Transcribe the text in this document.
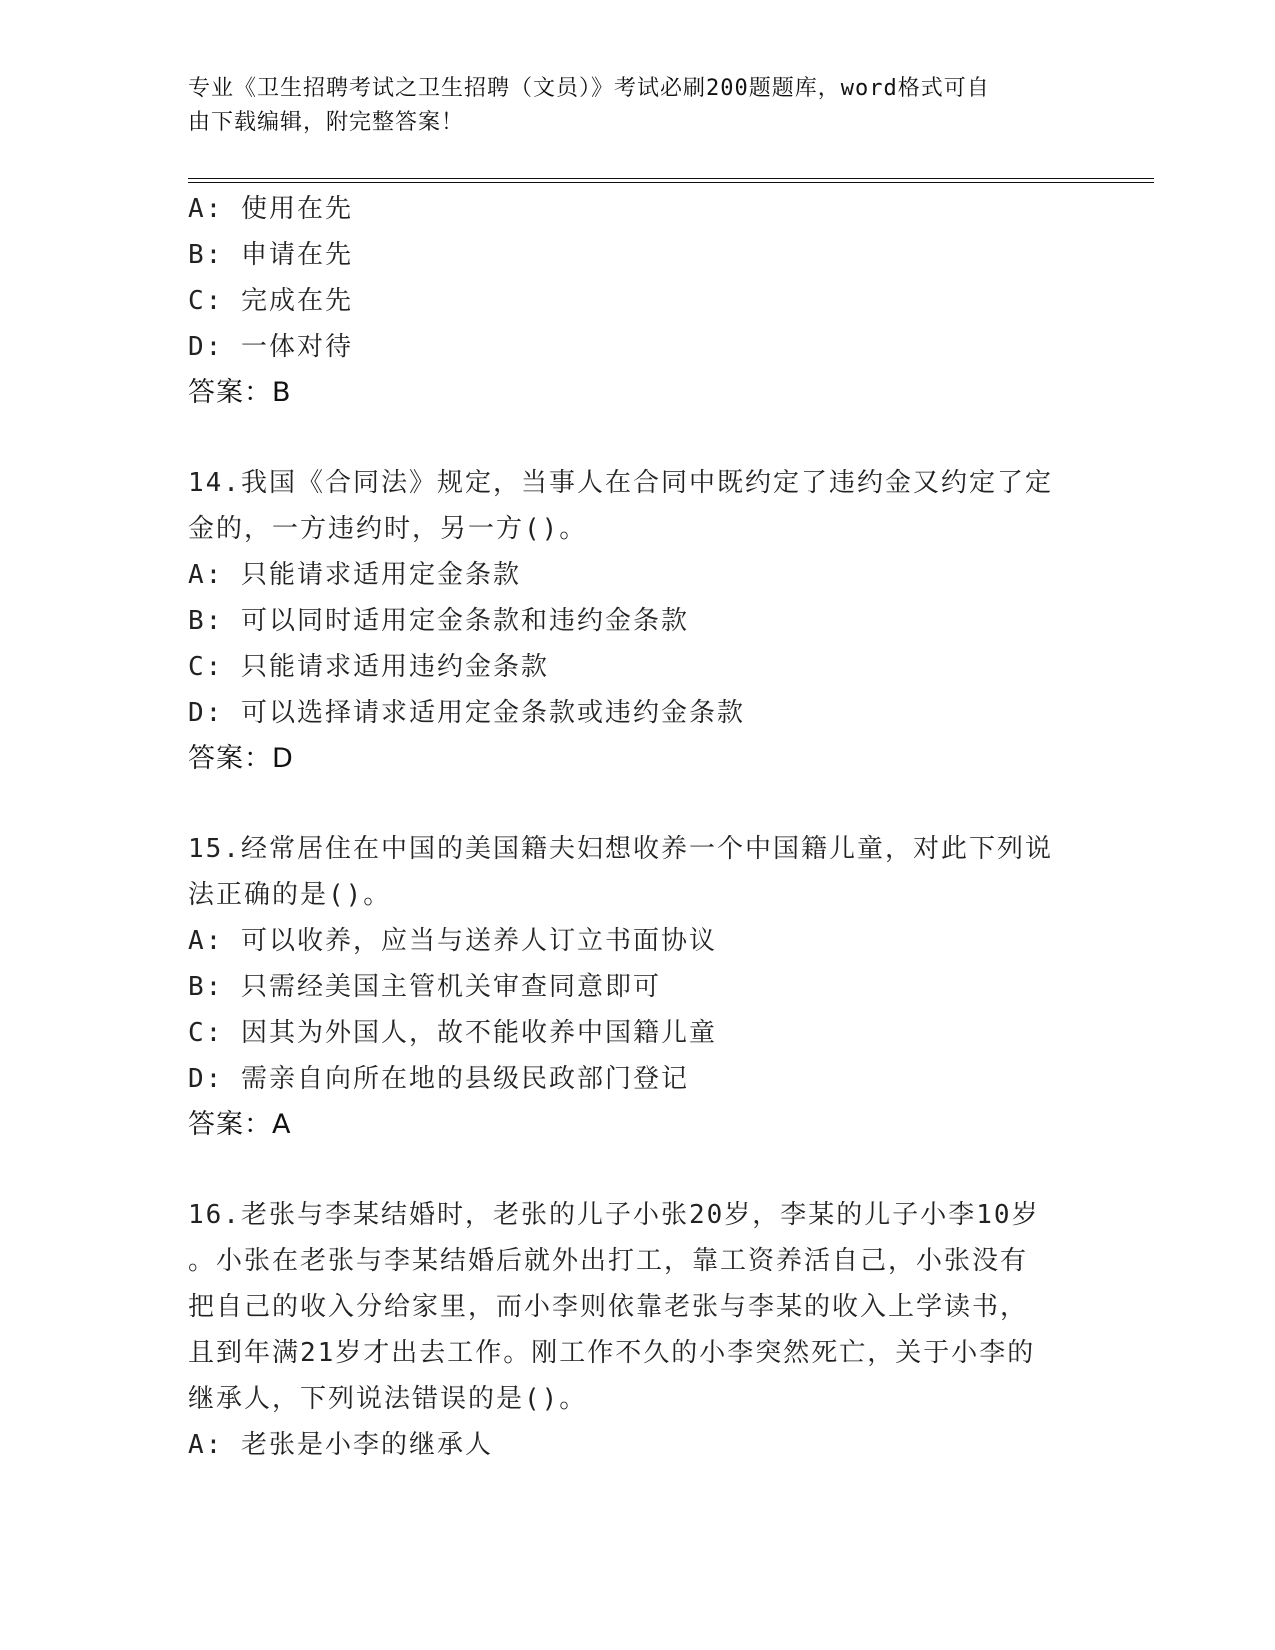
专业《卫生招聘考试之卫生招聘（文员）》考试必刷200题题库，word格式可自
由下载编辑，附完整答案！
A: 使用在先
B: 申请在先
C: 完成在先
D: 一体对待
答案：B
14.我国《合同法》规定，当事人在合同中既约定了违约金又约定了定
金的，一方违约时，另一方()。
A: 只能请求适用定金条款
B: 可以同时适用定金条款和违约金条款
C: 只能请求适用违约金条款
D: 可以选择请求适用定金条款或违约金条款
答案：D
15.经常居住在中国的美国籍夫妇想收养一个中国籍儿童，对此下列说
法正确的是()。
A: 可以收养，应当与送养人订立书面协议
B: 只需经美国主管机关审查同意即可
C: 因其为外国人，故不能收养中国籍儿童
D: 需亲自向所在地的县级民政部门登记
答案：A
16.老张与李某结婚时，老张的儿子小张20岁，李某的儿子小李10岁
。小张在老张与李某结婚后就外出打工，靠工资养活自己，小张没有
把自己的收入分给家里，而小李则依靠老张与李某的收入上学读书，
且到年满21岁才出去工作。刚工作不久的小李突然死亡，关于小李的
继承人，下列说法错误的是()。
A: 老张是小李的继承人
